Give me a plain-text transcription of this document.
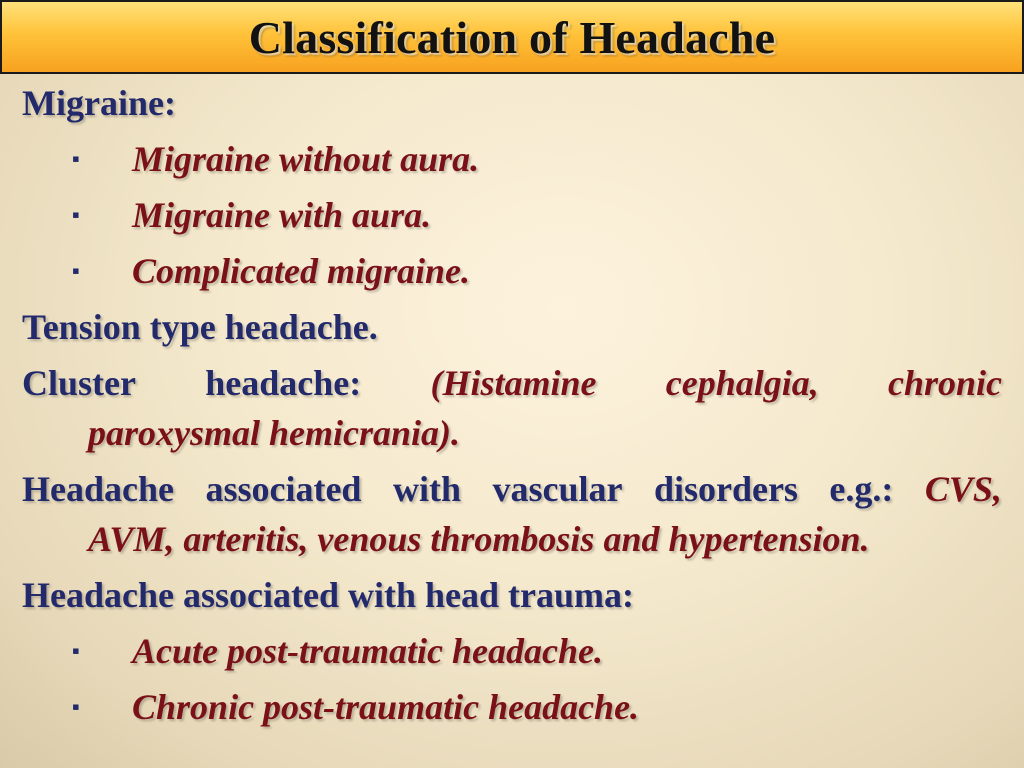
Classification of Headache
Migraine:
▪ Migraine without aura.
▪ Migraine with aura.
▪ Complicated migraine.
Tension type headache.
Cluster headache: (Histamine cephalgia, chronic
paroxysmal hemicrania).
Headache associated with vascular disorders e.g.: CVS,
AVM, arteritis, venous thrombosis and hypertension.
Headache associated with head trauma:
▪ Acute post-traumatic headache.
▪ Chronic post-traumatic headache.
